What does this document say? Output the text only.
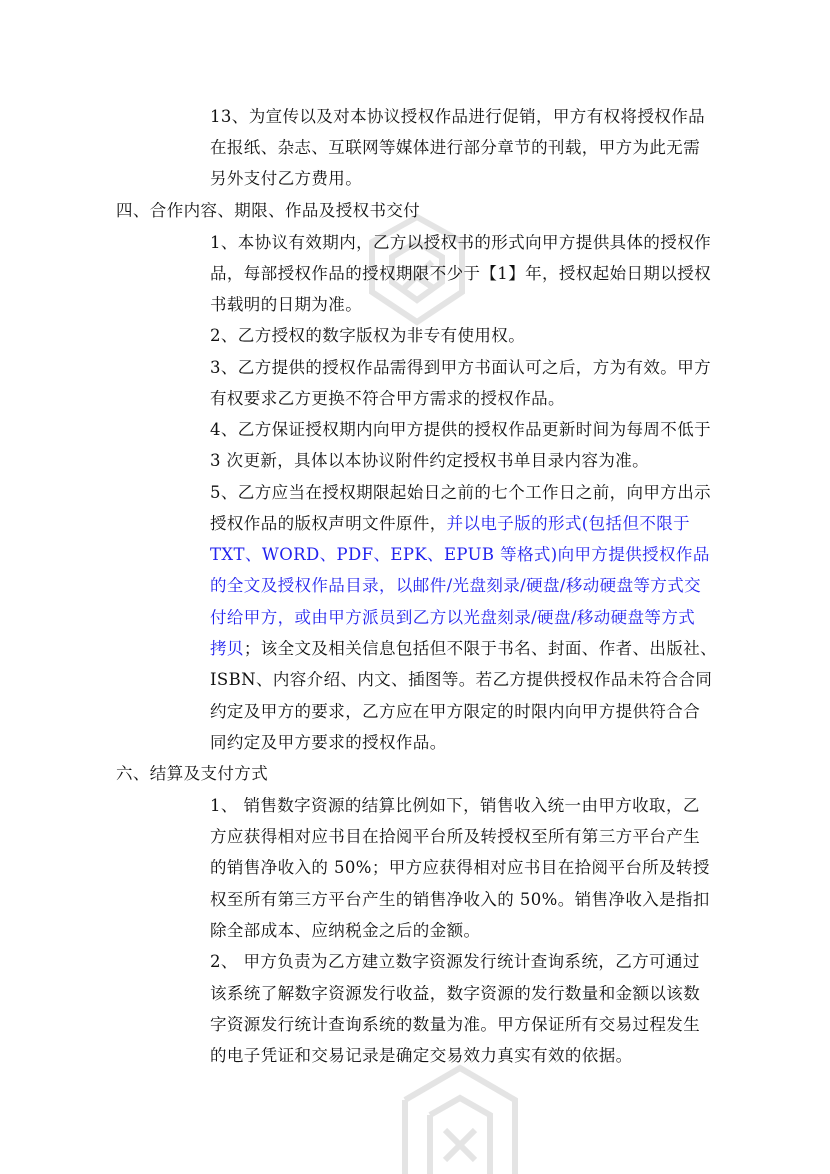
13、为宣传以及对本协议授权作品进行促销，甲方有权将授权作品

在报纸、杂志、互联网等媒体进行部分章节的刊载，甲方为此无需

另外支付乙方费用。

四、合作内容、期限、作品及授权书交付

1、本协议有效期内，乙方以授权书的形式向甲方提供具体的授权作

品，每部授权作品的授权期限不少于【1】年，授权起始日期以授权

书载明的日期为准。

2、乙方授权的数字版权为非专有使用权。

3、乙方提供的授权作品需得到甲方书面认可之后，方为有效。甲方

有权要求乙方更换不符合甲方需求的授权作品。

4、乙方保证授权期内向甲方提供的授权作品更新时间为每周不低于

3 次更新，具体以本协议附件约定授权书单目录内容为准。

5、乙方应当在授权期限起始日之前的七个工作日之前，向甲方出示

授权作品的版权声明文件原件，并以电子版的形式(包括但不限于

TXT、WORD、PDF、EPK、EPUB 等格式)向甲方提供授权作品

的全文及授权作品目录，以邮件/光盘刻录/硬盘/移动硬盘等方式交

付给甲方，或由甲方派员到乙方以光盘刻录/硬盘/移动硬盘等方式

拷贝；该全文及相关信息包括但不限于书名、封面、作者、出版社、

ISBN、内容介绍、内文、插图等。若乙方提供授权作品未符合合同

约定及甲方的要求，乙方应在甲方限定的时限内向甲方提供符合合

同约定及甲方要求的授权作品。

六、结算及支付方式

1、 销售数字资源的结算比例如下，销售收入统一由甲方收取，乙

方应获得相对应书目在拾阅平台所及转授权至所有第三方平台产生

的销售净收入的 50%；甲方应获得相对应书目在拾阅平台所及转授

权至所有第三方平台产生的销售净收入的 50%。销售净收入是指扣

除全部成本、应纳税金之后的金额。

2、 甲方负责为乙方建立数字资源发行统计查询系统，乙方可通过

该系统了解数字资源发行收益，数字资源的发行数量和金额以该数

字资源发行统计查询系统的数量为准。甲方保证所有交易过程发生

的电子凭证和交易记录是确定交易效力真实有效的依据。
